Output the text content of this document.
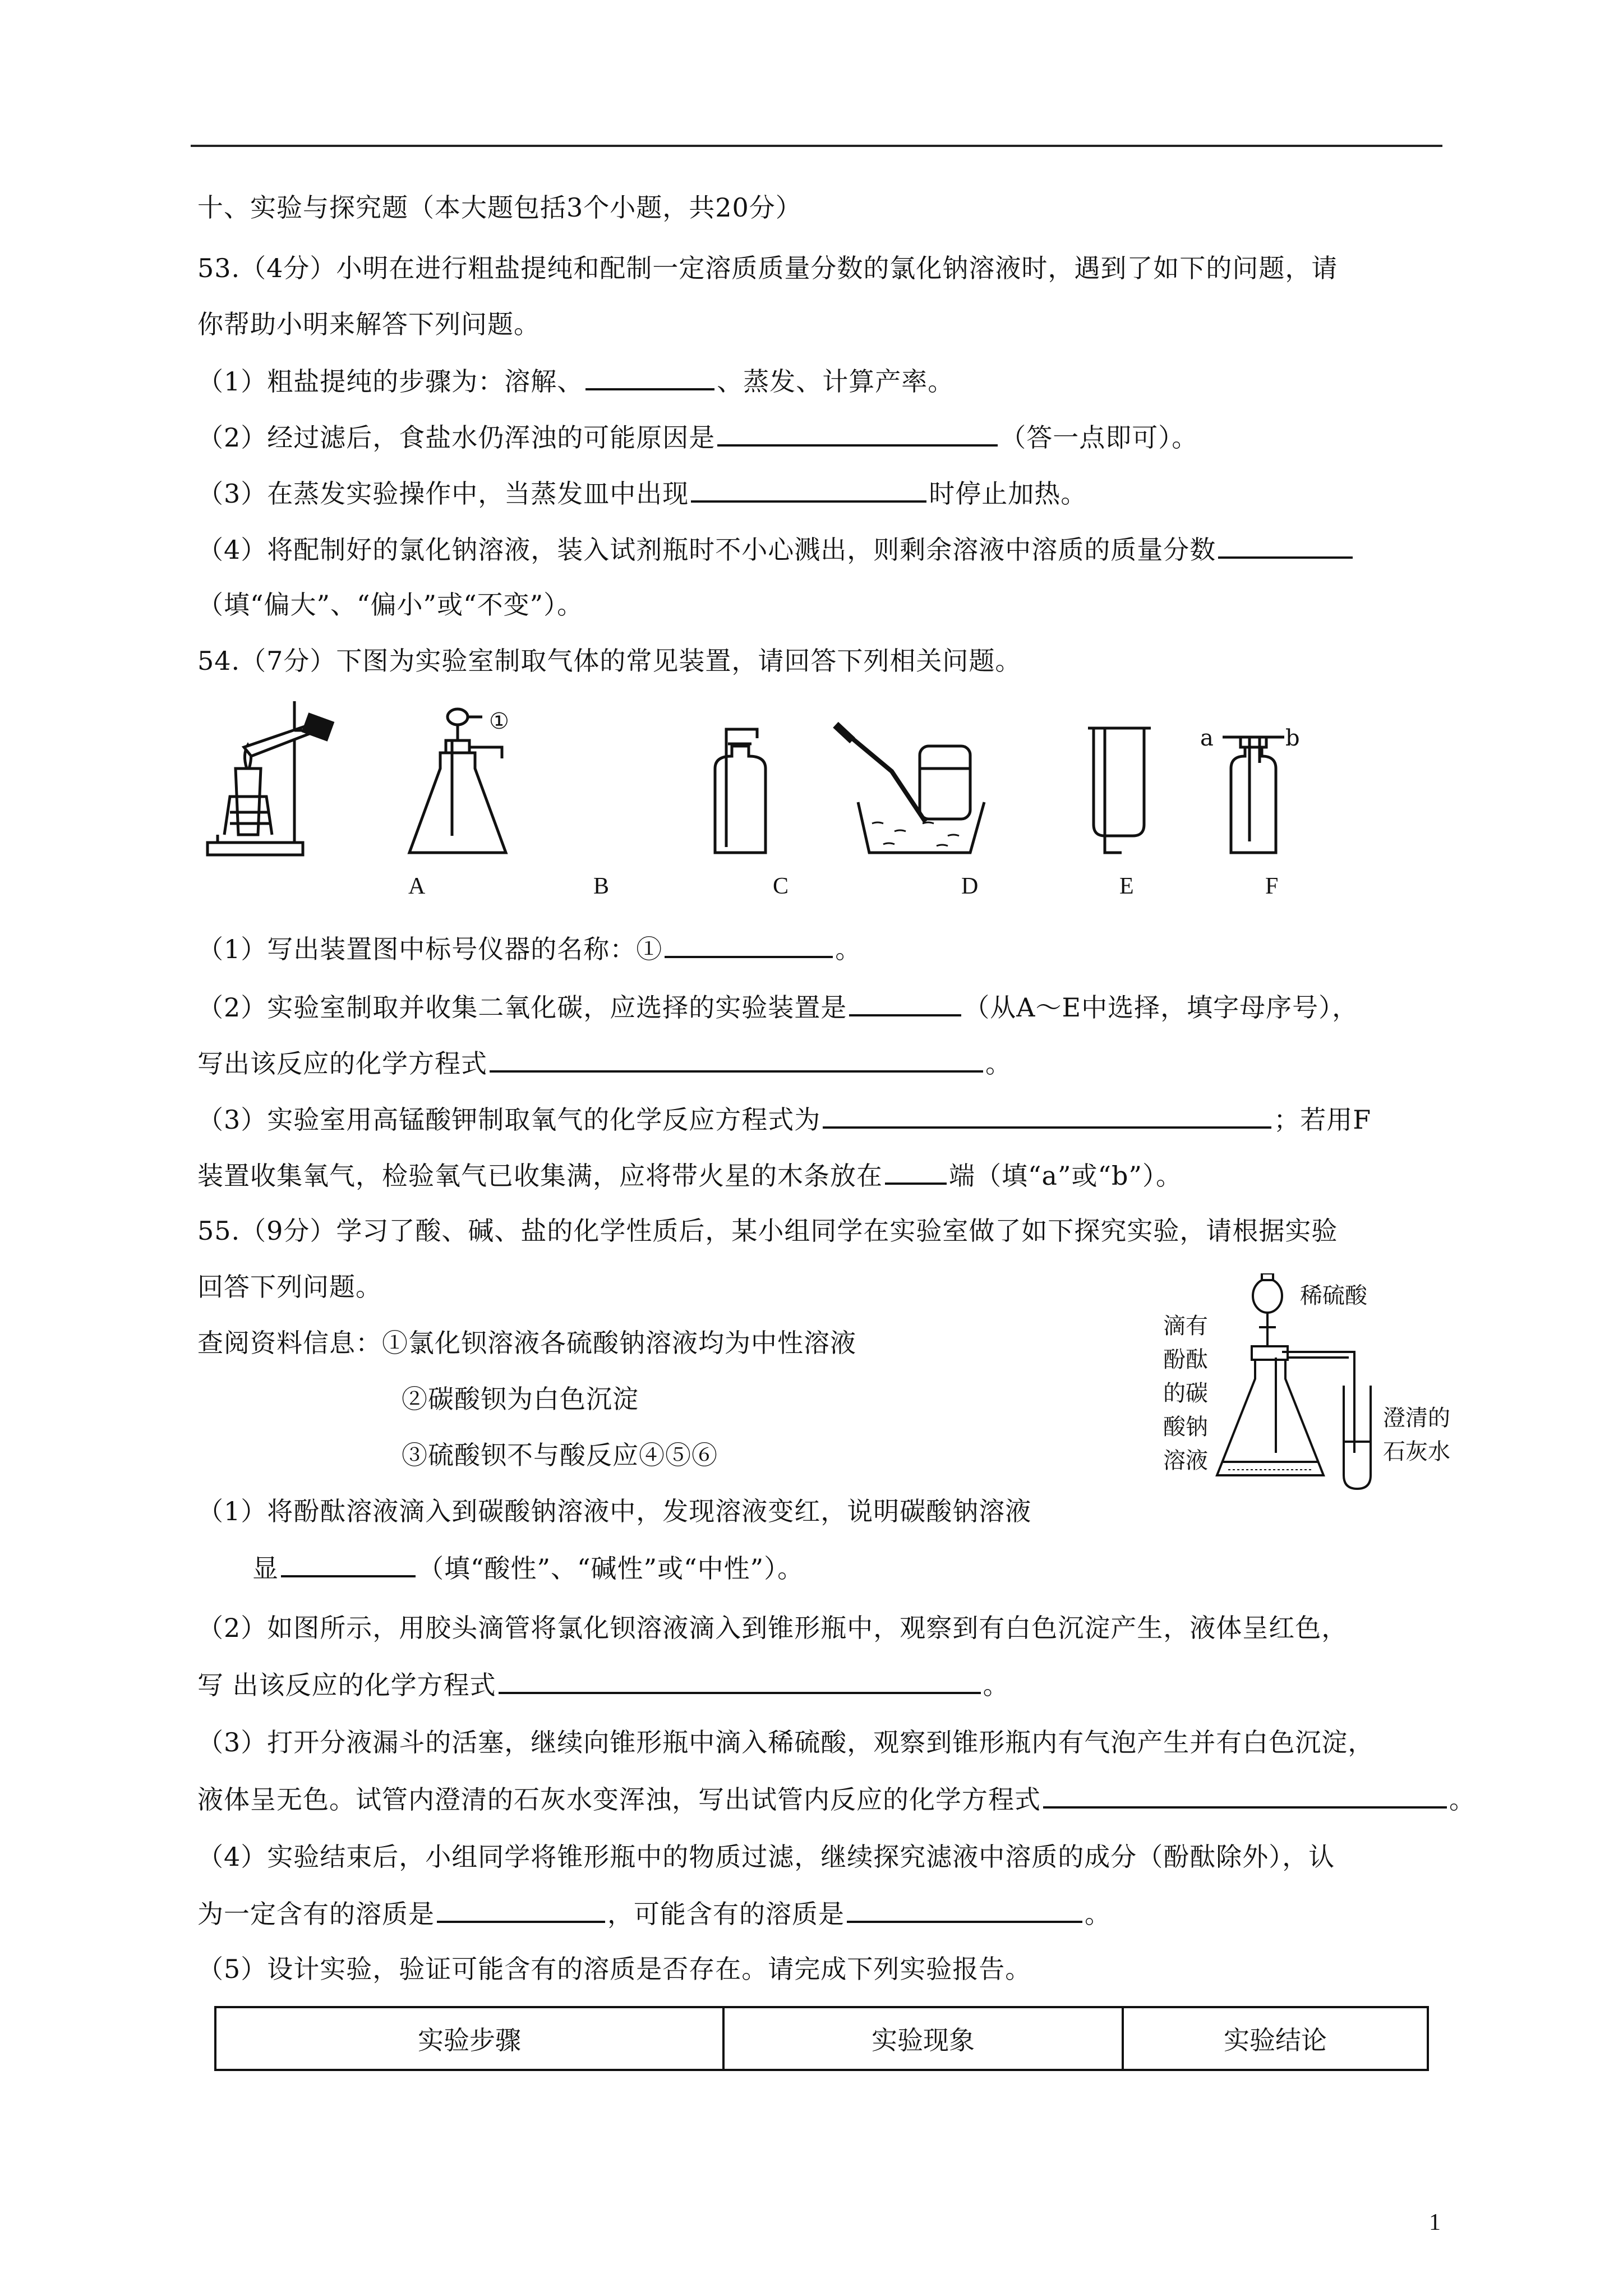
十、实验与探究题（本大题包括3个小题，共20分）
53.（4分）小明在进行粗盐提纯和配制一定溶质质量分数的氯化钠溶液时，遇到了如下的问题，请
你帮助小明来解答下列问题。
（1）粗盐提纯的步骤为：溶解、	、蒸发、计算产率。
（2）经过滤后，食盐水仍浑浊的可能原因是	（答一点即可）。
（3）在蒸发实验操作中，当蒸发皿中出现	时停止加热。
（4）将配制好的氯化钠溶液，装入试剂瓶时不小心溅出，则剩余溶液中溶质的质量分数
（填“偏大”、“偏小”或“不变”）。
54.（7分）下图为实验室制取气体的常见装置，请回答下列相关问题。
①
a	b
A	B	C	D	E	F
（1）写出装置图中标号仪器的名称：①	。
（2）实验室制取并收集二氧化碳，应选择的实验装置是	（从A～E中选择，填字母序号），
写出该反应的化学方程式	。
（3）实验室用高锰酸钾制取氧气的化学反应方程式为	；若用F
装置收集氧气，检验氧气已收集满，应将带火星的木条放在	端（填“a”或“b”）。
55.（9分）学习了酸、碱、盐的化学性质后，某小组同学在实验室做了如下探究实验，请根据实验
回答下列问题。
查阅资料信息：①氯化钡溶液各硫酸钠溶液均为中性溶液
②碳酸钡为白色沉淀
③硫酸钡不与酸反应④⑤⑥
稀硫酸
滴有
酚酞
的碳
酸钠
溶液
澄清的
石灰水
（1）将酚酞溶液滴入到碳酸钠溶液中，发现溶液变红，说明碳酸钠溶液
显	（填“酸性”、“碱性”或“中性”）。
（2）如图所示，用胶头滴管将氯化钡溶液滴入到锥形瓶中，观察到有白色沉淀产生，液体呈红色，
写 出该反应的化学方程式	。
（3）打开分液漏斗的活塞，继续向锥形瓶中滴入稀硫酸，观察到锥形瓶内有气泡产生并有白色沉淀，
液体呈无色。试管内澄清的石灰水变浑浊，写出试管内反应的化学方程式	。
（4）实验结束后，小组同学将锥形瓶中的物质过滤，继续探究滤液中溶质的成分（酚酞除外），认
为一定含有的溶质是	，可能含有的溶质是	。
（5）设计实验，验证可能含有的溶质是否存在。请完成下列实验报告。
实验步骤	实验现象	实验结论
1
